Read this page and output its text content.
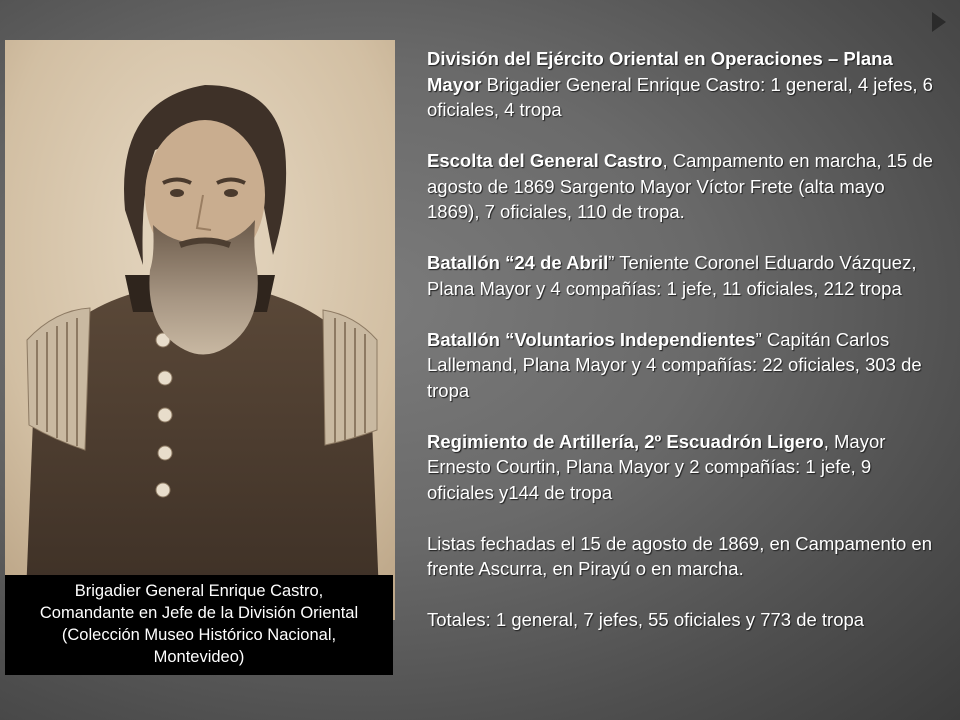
Brigadier General Enrique Castro,
Comandante en Jefe de la División Oriental
(Colección Museo Histórico Nacional,
Montevideo)

División del Ejército Oriental en Operaciones – Plana Mayor Brigadier General Enrique Castro: 1 general, 4 jefes, 6 oficiales, 4 tropa

Escolta del General Castro, Campamento en marcha, 15 de agosto de 1869 Sargento Mayor Víctor Frete (alta mayo 1869), 7 oficiales, 110 de tropa.

Batallón “24 de Abril” Teniente Coronel Eduardo Vázquez, Plana Mayor y 4 compañías: 1 jefe, 11 oficiales, 212 tropa

Batallón “Voluntarios Independientes” Capitán Carlos Lallemand, Plana Mayor y 4 compañías: 22 oficiales, 303 de tropa

Regimiento de Artillería, 2º Escuadrón Ligero, Mayor Ernesto Courtin, Plana Mayor y 2 compañías: 1 jefe, 9 oficiales y144 de tropa

Listas fechadas el 15 de agosto de 1869, en Campamento en frente Ascurra, en Pirayú o en marcha.

Totales: 1 general, 7 jefes, 55 oficiales y 773 de tropa
